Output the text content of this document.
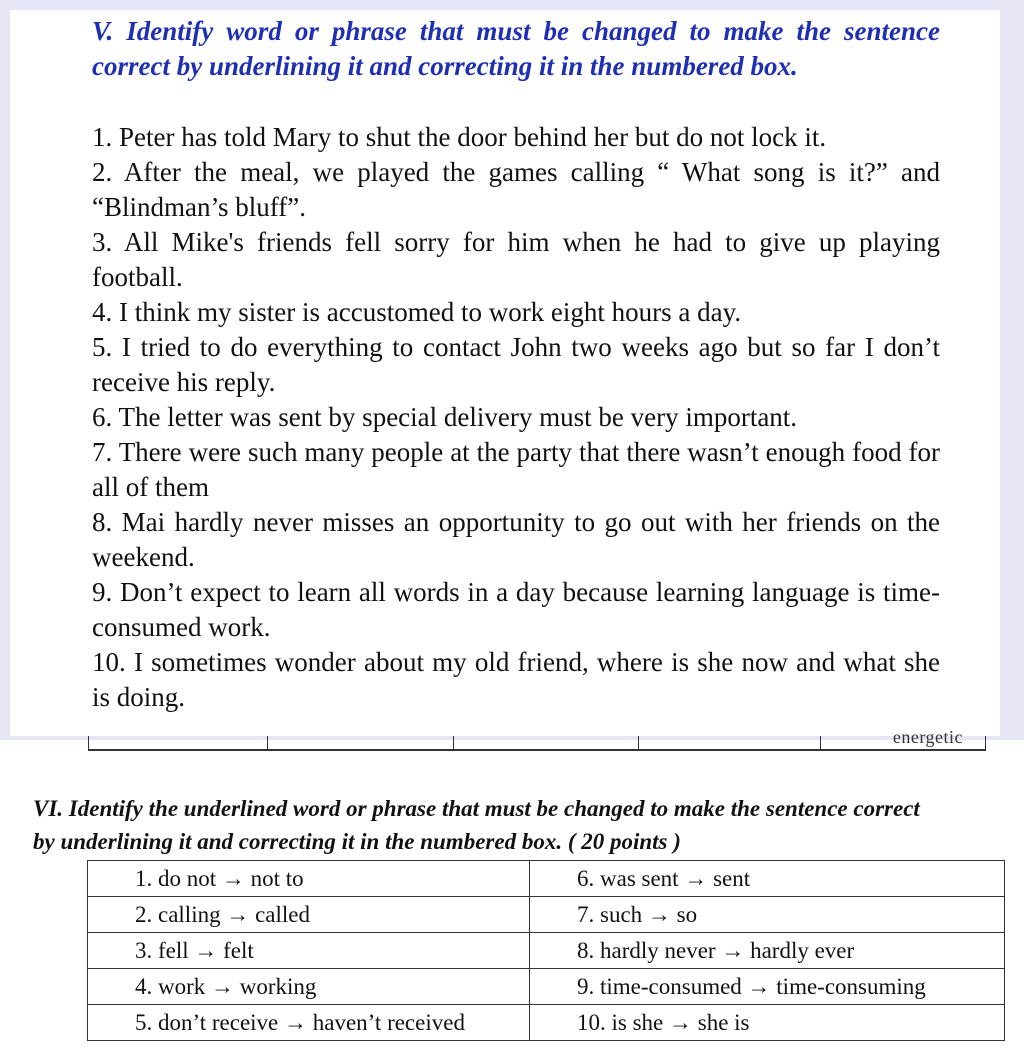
V. Identify word or phrase that must be changed to make the sentence correct by underlining it and correcting it in the numbered box.

1. Peter has told Mary to shut the door behind her but do not lock it.
2. After the meal, we played the games calling “ What song is it?” and “Blindman’s bluff”.
3. All Mike's friends fell sorry for him when he had to give up playing football.
4. I think my sister is accustomed to work eight hours a day.
5. I tried to do everything to contact John two weeks ago but so far I don’t receive his reply.
6. The letter was sent by special delivery must be very important.
7. There were such many people at the party that there wasn’t enough food for all of them
8. Mai hardly never misses an opportunity to go out with her friends on the weekend.
9. Don’t expect to learn all words in a day because learning language is time-consumed work.
10. I sometimes wonder about my old friend, where is she now and what she is doing.
energetic
VI. Identify the underlined word or phrase that must be changed to make the sentence correct
by underlining it and correcting it in the numbered box. ( 20 points )
1. do not → not to	6. was sent → sent
2. calling → called	7. such → so
3. fell → felt	8. hardly never → hardly ever
4. work → working	9. time-consumed → time-consuming
5. don’t receive → haven’t received	10. is she → she is
